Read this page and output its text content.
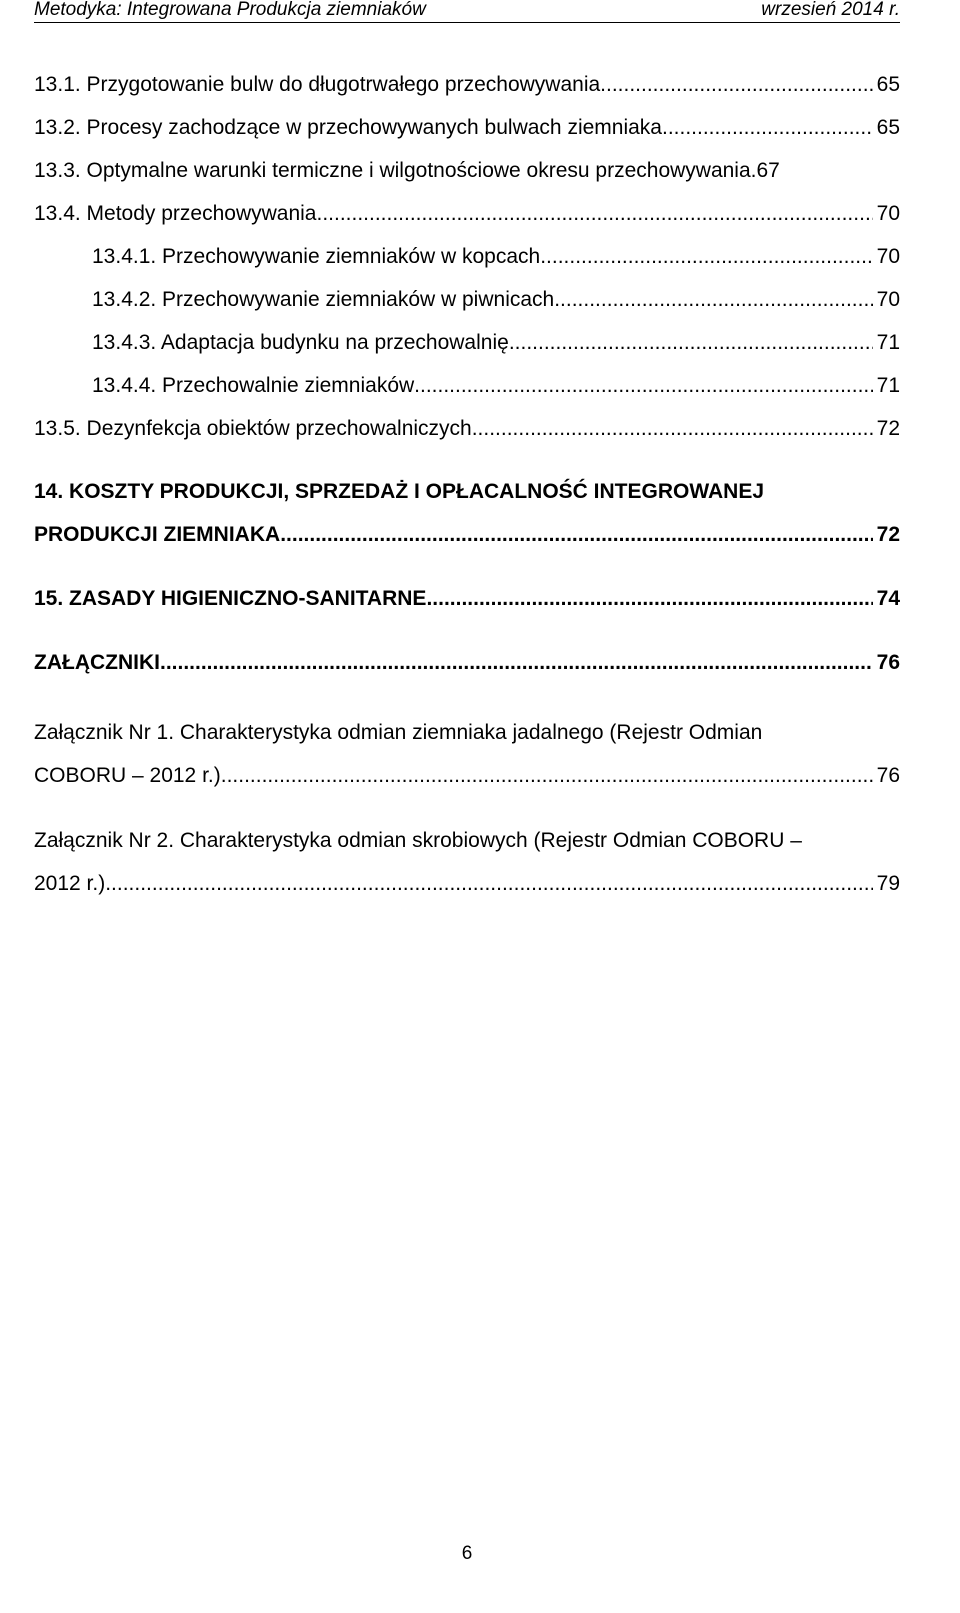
Metodyka: Integrowana Produkcja ziemniaków	wrzesień 2014 r.
13.1. Przygotowanie bulw do długotrwałego przechowywania .....	65
13.2. Procesy zachodzące w przechowywanych bulwach ziemniaka .....	65
13.3. Optymalne warunki termiczne i wilgotnościowe okresu przechowywania. 67
13.4. Metody przechowywania .....	70
13.4.1. Przechowywanie ziemniaków w kopcach .....	70
13.4.2. Przechowywanie ziemniaków w piwnicach .....	70
13.4.3. Adaptacja budynku na przechowalnię .....	71
13.4.4. Przechowalnie ziemniaków .....	71
13.5. Dezynfekcja obiektów przechowalniczych .....	72
14. KOSZTY PRODUKCJI, SPRZEDAŻ I OPŁACALNOŚĆ INTEGROWANEJ
PRODUKCJI ZIEMNIAKA .....	72
15. ZASADY HIGIENICZNO-SANITARNE .....	74
ZAŁĄCZNIKI .....	76
Załącznik Nr 1. Charakterystyka odmian ziemniaka jadalnego (Rejestr Odmian
COBORU – 2012 r.) .....	76
Załącznik Nr 2. Charakterystyka odmian skrobiowych (Rejestr Odmian COBORU –
2012 r.) .....	79
6
